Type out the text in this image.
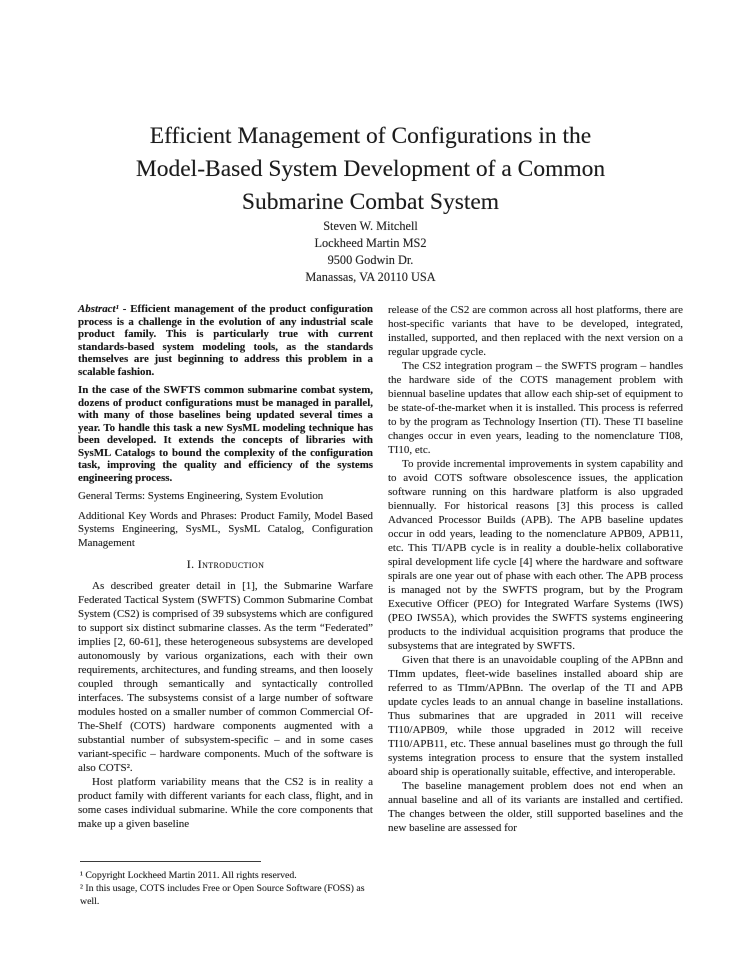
Efficient Management of Configurations in the
Model-Based System Development of a Common
Submarine Combat System
Steven W. Mitchell
Lockheed Martin MS2
9500 Godwin Dr.
Manassas, VA 20110 USA

Abstract¹ - Efficient management of the product configuration process is a challenge in the evolution of any industrial scale product family. This is particularly true with current standards-based system modeling tools, as the standards themselves are just beginning to address this problem in a scalable fashion.

In the case of the SWFTS common submarine combat system, dozens of product configurations must be managed in parallel, with many of those baselines being updated several times a year. To handle this task a new SysML modeling technique has been developed. It extends the concepts of libraries with SysML Catalogs to bound the complexity of the configuration task, improving the quality and efficiency of the systems engineering process.

General Terms: Systems Engineering, System Evolution

Additional Key Words and Phrases: Product Family, Model Based Systems Engineering, SysML, SysML Catalog, Configuration Management

I. Introduction

As described greater detail in [1], the Submarine Warfare Federated Tactical System (SWFTS) Common Submarine Combat System (CS2) is comprised of 39 subsystems which are configured to support six distinct submarine classes. As the term “Federated” implies [2, 60-61], these heterogeneous subsystems are developed autonomously by various organizations, each with their own requirements, architectures, and funding streams, and then loosely coupled through semantically and syntactically controlled interfaces. The subsystems consist of a large number of software modules hosted on a smaller number of common Commercial Of-The-Shelf (COTS) hardware components augmented with a substantial number of subsystem-specific – and in some cases variant-specific – hardware components. Much of the software is also COTS².

Host platform variability means that the CS2 is in reality a product family with different variants for each class, flight, and in some cases individual submarine. While the core components that make up a given baseline

release of the CS2 are common across all host platforms, there are host-specific variants that have to be developed, integrated, installed, supported, and then replaced with the next version on a regular upgrade cycle.

The CS2 integration program – the SWFTS program – handles the hardware side of the COTS management problem with biennual baseline updates that allow each ship-set of equipment to be state-of-the-market when it is installed. This process is referred to by the program as Technology Insertion (TI). These TI baseline changes occur in even years, leading to the nomenclature TI08, TI10, etc.

To provide incremental improvements in system capability and to avoid COTS software obsolescence issues, the application software running on this hardware platform is also upgraded biennually. For historical reasons [3] this process is called Advanced Processor Builds (APB). The APB baseline updates occur in odd years, leading to the nomenclature APB09, APB11, etc. This TI/APB cycle is in reality a double-helix collaborative spiral development life cycle [4] where the hardware and software spirals are one year out of phase with each other. The APB process is managed not by the SWFTS program, but by the Program Executive Officer (PEO) for Integrated Warfare Systems (IWS) (PEO IWS5A), which provides the SWFTS systems engineering products to the individual acquisition programs that produce the subsystems that are integrated by SWFTS.

Given that there is an unavoidable coupling of the APBnn and TImm updates, fleet-wide baselines installed aboard ship are referred to as TImm/APBnn. The overlap of the TI and APB update cycles leads to an annual change in baseline installations. Thus submarines that are upgraded in 2011 will receive TI10/APB09, while those upgraded in 2012 will receive TI10/APB11, etc. These annual baselines must go through the full systems integration process to ensure that the system installed aboard ship is operationally suitable, effective, and interoperable.

The baseline management problem does not end when an annual baseline and all of its variants are installed and certified. The changes between the older, still supported baselines and the new baseline are assessed for

¹ Copyright Lockheed Martin 2011. All rights reserved.

² In this usage, COTS includes Free or Open Source Software (FOSS) as well.
